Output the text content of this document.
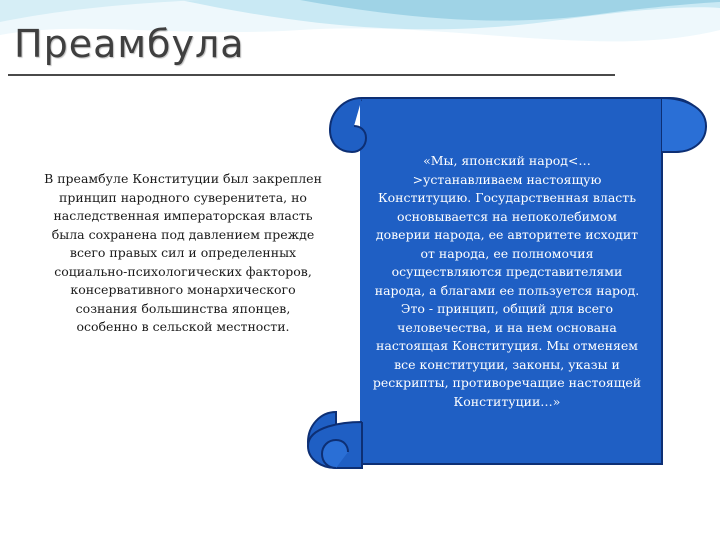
Преамбула
В преамбуле Конституции был закреплен принцип народного суверенитета, но наследственная императорская власть была сохранена под давлением прежде всего правых сил и определенных социально-психологических факторов, консервативного монархического сознания большинства японцев, особенно в сельской местности.
«Мы, японский народ<…>устанавливаем настоящую Конституцию. Государственная власть основывается на непоколебимом доверии народа, ее авторитете исходит от народа, ее полномочия осуществляются представителями народа, а благами ее пользуется народ. Это - принцип, общий для всего человечества, и на нем основана настоящая Конституция. Мы отменяем все конституции, законы, указы и рескрипты, противоречащие настоящей Конституции…»
